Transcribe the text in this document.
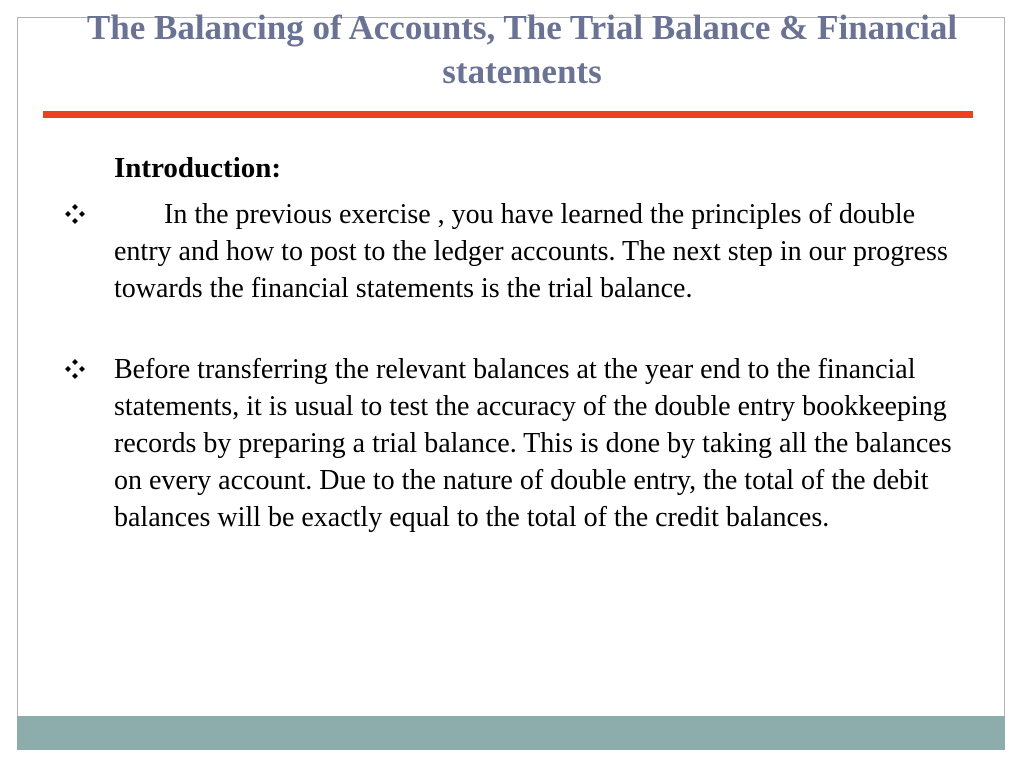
The Balancing of Accounts, The Trial Balance & Financial statements
Introduction:
In the previous exercise , you have learned the principles of double entry and how to post to the ledger accounts. The next step in our progress towards the financial statements is the trial balance.
Before transferring the relevant balances at the year end to the financial statements, it is usual to test the accuracy of the double entry bookkeeping records by preparing a trial balance. This is done by taking all the balances on every account. Due to the nature of double entry, the total of the debit balances will be exactly equal to the total of the credit balances.
